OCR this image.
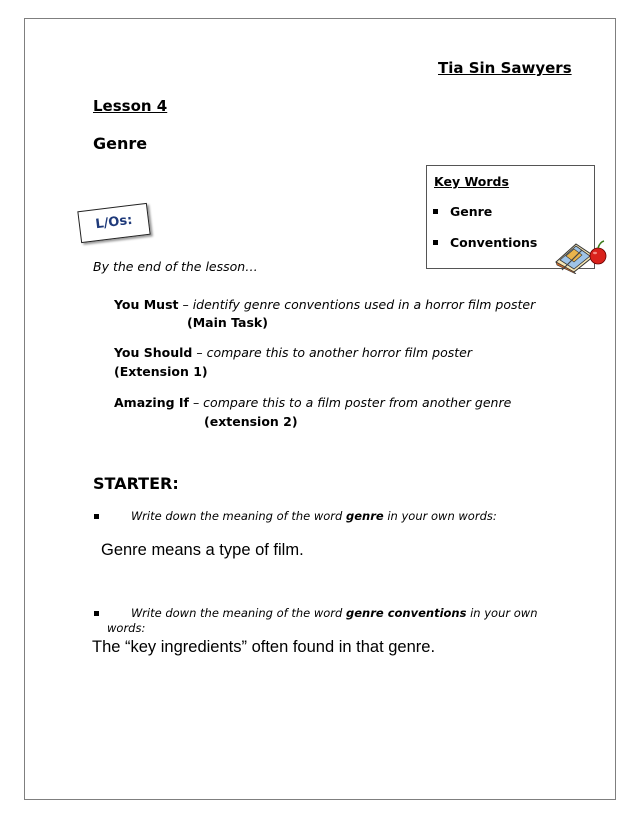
Tia Sin Sawyers
Lesson 4
Genre
Key Words
Genre
Conventions
L/Os:
By the end of the lesson…
You Must – identify genre conventions used in a horror film poster
(Main Task)
You Should – compare this to another horror film poster
(Extension 1)
Amazing If – compare this to a film poster from another genre
(extension 2)
STARTER:
Write down the meaning of the word genre in your own words:
Genre means a type of film.
Write down the meaning of the word genre conventions in your own
words:
The “key ingredients” often found in that genre.
